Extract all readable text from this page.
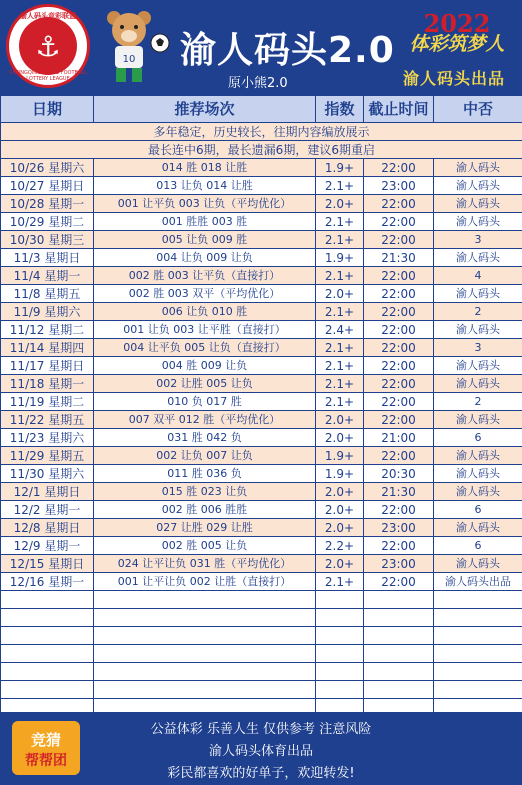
渝人码头竞彩联盟
⚓
CHONGQING RENEE FOOTBALL LOTTERY LEAGUE
10 渝人码头2.0
原小熊2.0
2022
体彩筑梦人
渝人码头出品
日期	推荐场次	指数	截止时间	中否
多年稳定，历史较长，往期内容编放展示				
最长连中6期，最长遗漏6期，建议6期重启				
10/26 星期六	014 胜 018 让胜	1.9+	22:00	渝人码头
10/27 星期日	013 让负 014 让胜	2.1+	23:00	渝人码头
10/28 星期一	001 让平负 003 让负（平均优化）	2.0+	22:00	渝人码头
10/29 星期二	001 胜胜 003 胜	2.1+	22:00	渝人码头
10/30 星期三	005 让负 009 胜	2.1+	22:00	3
11/3 星期日	004 让负 009 让负	1.9+	21:30	渝人码头
11/4 星期一	002 胜 003 让平负（直接打）	2.1+	22:00	4
11/8 星期五	002 胜 003 双平（平均优化）	2.0+	22:00	渝人码头
11/9 星期六	006 让负 010 胜	2.1+	22:00	2
11/12 星期二	001 让负 003 让平胜（直接打）	2.4+	22:00	渝人码头
11/14 星期四	004 让平负 005 让负（直接打）	2.1+	22:00	3
11/17 星期日	004 胜 009 让负	2.1+	22:00	渝人码头
11/18 星期一	002 让胜 005 让负	2.1+	22:00	渝人码头
11/19 星期二	010 负 017 胜	2.1+	22:00	2
11/22 星期五	007 双平 012 胜（平均优化）	2.0+	22:00	渝人码头
11/23 星期六	031 胜 042 负	2.0+	21:00	6
11/29 星期五	002 让负 007 让负	1.9+	22:00	渝人码头
11/30 星期六	011 胜 036 负	1.9+	20:30	渝人码头
12/1 星期日	015 胜 023 让负	2.0+	21:30	渝人码头
12/2 星期一	002 胜 006 胜胜	2.0+	22:00	6
12/8 星期日	027 让胜 029 让胜	2.0+	23:00	渝人码头
12/9 星期一	002 胜 005 让负	2.2+	22:00	6
12/15 星期日	024 让平让负 031 胜（平均优化）	2.0+	23:00	渝人码头
12/16 星期一	001 让平让负 002 让胜（直接打）	2.1+	22:00	渝人码头出品

竞猜
帮帮团
公益体彩 乐善人生 仅供参考 注意风险
渝人码头体育出品
彩民都喜欢的好单子，欢迎转发!
